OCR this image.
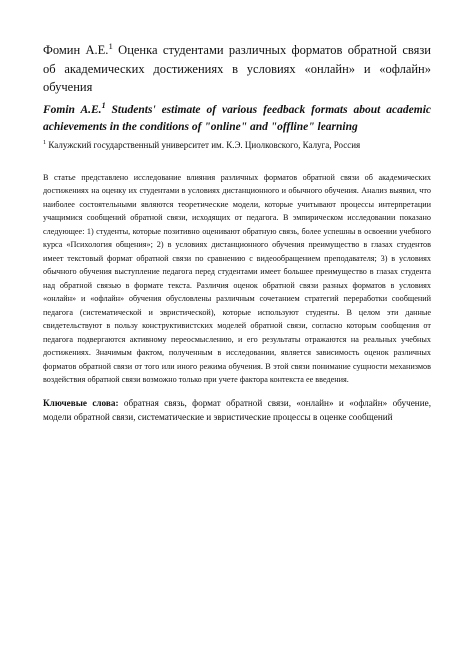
Фомин А.Е.$^1$ Оценка студентами различных форматов обратной связи об академических достижениях в условиях «онлайн» и «офлайн» обучения

Fomin A.E.$^1$ Students' estimate of various feedback formats about academic achievements in the conditions of "online" and "offline" learning

$^1$ Калужский государственный университет им. К.Э. Циолковского, Калуга, Россия

В статье представлено исследование влияния различных форматов обратной связи об академических достижениях на оценку их студентами в условиях дистанционного и обычного обучения. Анализ выявил, что наиболее состоятельными являются теоретические модели, которые учитывают процессы интерпретации учащимися сообщений обратной связи, исходящих от педагога. В эмпирическом исследовании показано следующее: 1) студенты, которые позитивно оценивают обратную связь, более успешны в освоении учебного курса «Психология общения»; 2) в условиях дистанционного обучения преимущество в глазах студентов имеет текстовый формат обратной связи по сравнению с видеообращением преподавателя; 3) в условиях обычного обучения выступление педагога перед студентами имеет большее преимущество в глазах студента над обратной связью в формате текста. Различия оценок обратной связи разных форматов в условиях «онлайн» и «офлайн» обучения обусловлены различным сочетанием стратегий переработки сообщений педагога (систематической и эвристической), которые используют студенты. В целом эти данные свидетельствуют в пользу конструктивистских моделей обратной связи, согласно которым сообщения от педагога подвергаются активному переосмыслению, и его результаты отражаются на реальных учебных достижениях. Значимым фактом, полученным в исследовании, является зависимость оценок различных форматов обратной связи от того или иного режима обучения. В этой связи понимание сущности механизмов воздействия обратной связи возможно только при учете фактора контекста ее введения.

Ключевые слова: обратная связь, формат обратной связи, «онлайн» и «офлайн» обучение, модели обратной связи, систематические и эвристические процессы в оценке сообщений
